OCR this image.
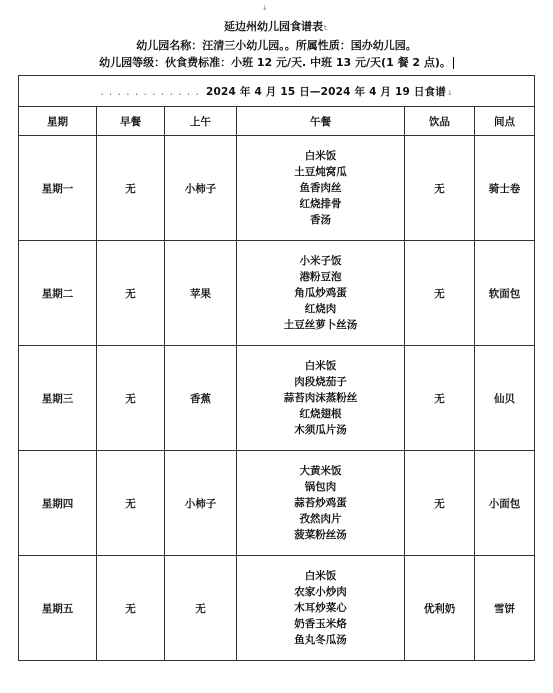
↓
延边州幼儿园食谱表t.
幼儿园名称：汪清三小幼儿园。。所属性质：国办幼儿园。
幼儿园等级：伙食费标准：小班 12 元/天. 中班 13 元/天(1 餐 2 点)。
. . . . . . . . . . . . 2024 年 4 月 15 日—2024 年 4 月 19 日食谱↓					
星期	早餐	上午	午餐	饮品	间点
星期一	无	小柿子	白米饭
土豆炖窝瓜
鱼香肉丝
红烧排骨
香汤	无	骑士卷
星期二	无	苹果	小米子饭
港粉豆泡
角瓜炒鸡蛋
红烧肉
土豆丝萝卜丝汤	无	软面包
星期三	无	香蕉	白米饭
肉段烧茄子
蒜苔肉沫蒸粉丝
红烧翅根
木须瓜片汤	无	仙贝
星期四	无	小柿子	大黄米饭
锅包肉
蒜苔炒鸡蛋
孜然肉片
菠菜粉丝汤	无	小面包
星期五	无	无	白米饭
农家小炒肉
木耳炒菜心
奶香玉米烙
鱼丸冬瓜汤	优利奶	雪饼
